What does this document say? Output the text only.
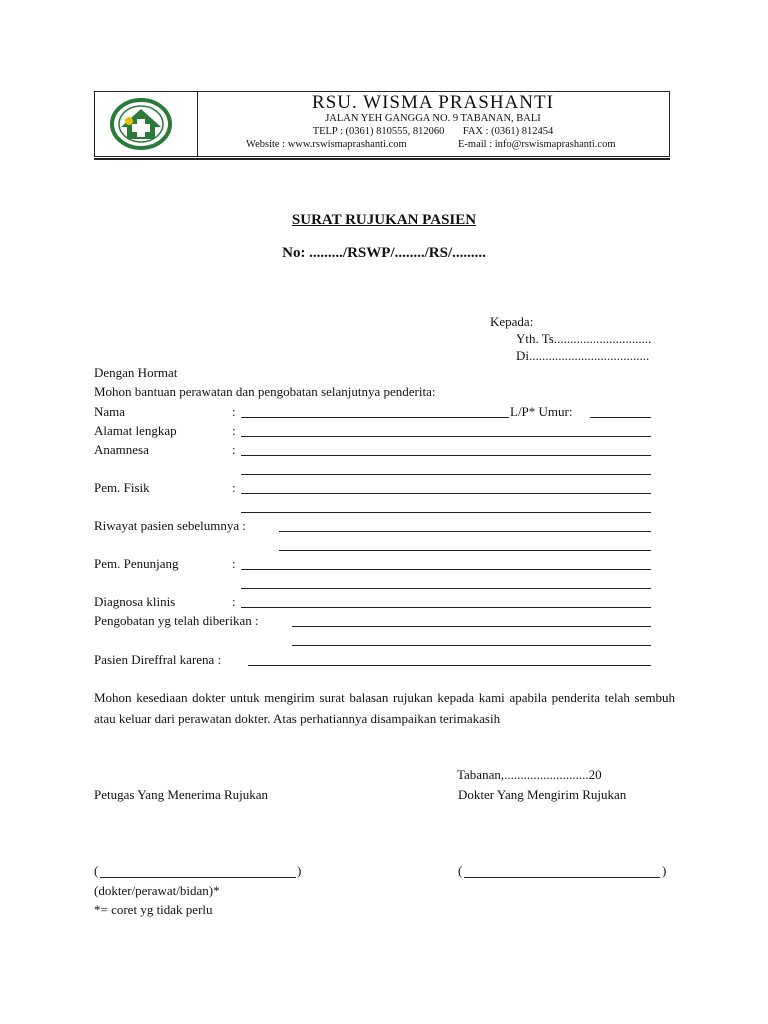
RSU. WISMA PRASHANTI
JALAN YEH GANGGA NO. 9 TABANAN, BALI
TELP : (0361) 810555, 812060       FAX : (0361) 812454
Website : www.rswismaprashanti.com	E-mail : info@rswismaprashanti.com
SURAT RUJUKAN PASIEN
No: ........./RSWP/......../RS/.........
Kepada:
Yth. Ts..............................
Di.....................................
Dengan Hormat
Mohon bantuan perawatan dan pengobatan selanjutnya penderita:
Nama	:	L/P* Umur:
Alamat lengkap	:
Anamnesa	:
Pem. Fisik	:
Riwayat pasien sebelumnya :
Pem. Penunjang	:
Diagnosa klinis	:
Pengobatan yg telah diberikan :
Pasien Direffral karena :
Mohon kesediaan dokter untuk mengirim surat balasan rujukan kepada kami apabila penderita telah sembuh atau keluar dari perawatan dokter. Atas perhatiannya disampaikan terimakasih
Tabanan,..........................20
Petugas Yang Menerima Rujukan	Dokter Yang Mengirim Rujukan
(	)	(	)
(dokter/perawat/bidan)*
*= coret yg tidak perlu
